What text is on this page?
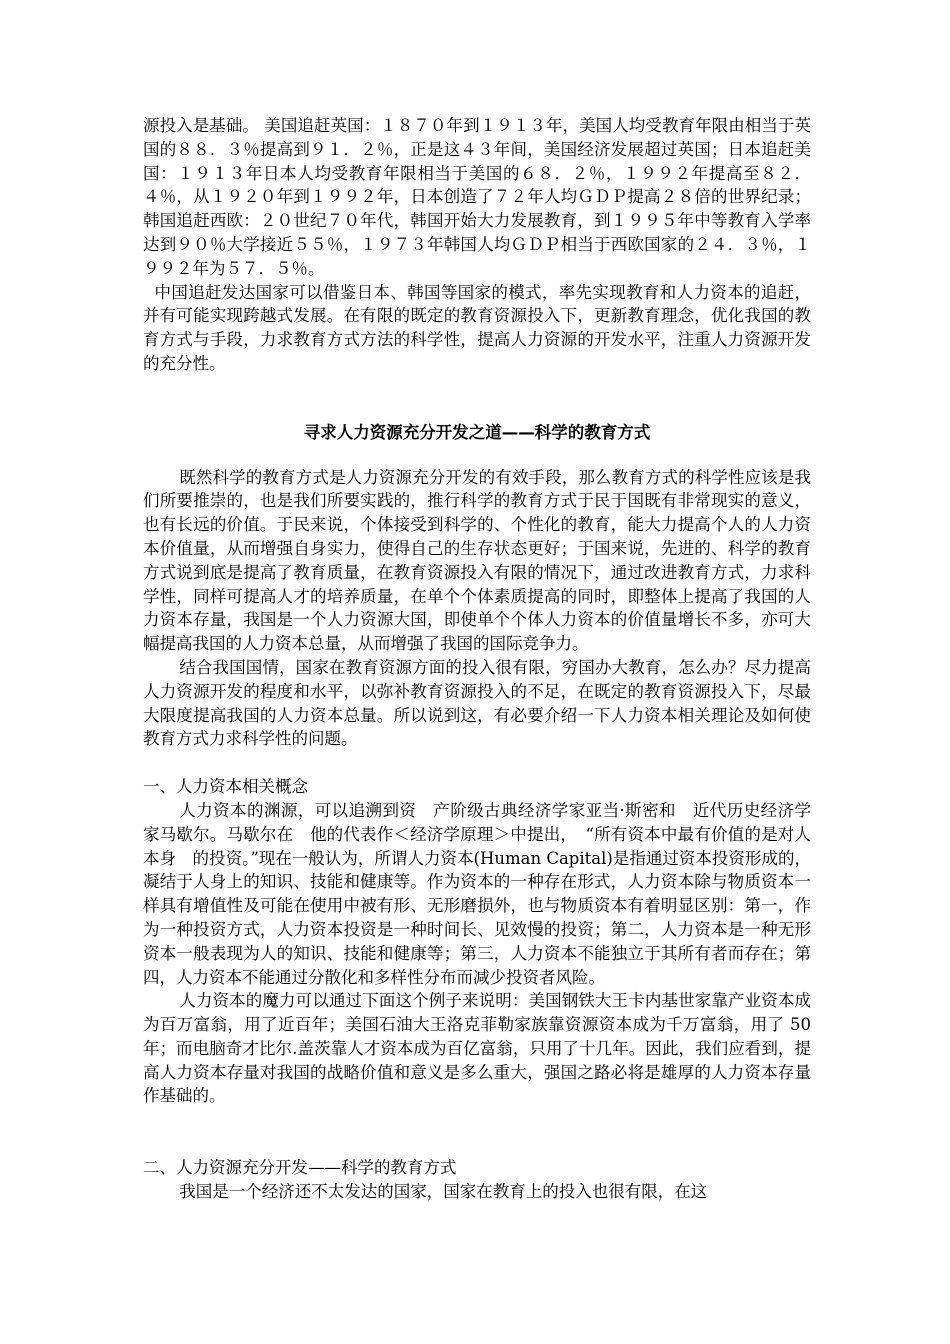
源投入是基础。 美国追赶英国：１８７０年到１９１３年，美国人均受教育年限由相当于英国的８８．３％提高到９１．２％，正是这４３年间，美国经济发展超过英国；日本追赶美国：１９１３年日本人均受教育年限相当于美国的６８．２％，１９９２年提高至８２．４％，从１９２０年到１９９２年，日本创造了７２年人均ＧＤＰ提高２８倍的世界纪录；韩国追赶西欧：２０世纪７０年代，韩国开始大力发展教育，到１９９５年中等教育入学率达到９０％大学接近５５％，１９７３年韩国人均ＧＤＰ相当于西欧国家的２４．３％，１９９２年为５７．５％。

中国追赶发达国家可以借鉴日本、韩国等国家的模式，率先实现教育和人力资本的追赶，并有可能实现跨越式发展。在有限的既定的教育资源投入下，更新教育理念，优化我国的教育方式与手段，力求教育方式方法的科学性，提高人力资源的开发水平，注重人力资源开发的充分性。

寻求人力资源充分开发之道——科学的教育方式

既然科学的教育方式是人力资源充分开发的有效手段，那么教育方式的科学性应该是我们所要推崇的，也是我们所要实践的，推行科学的教育方式于民于国既有非常现实的意义，也有长远的价值。于民来说，个体接受到科学的、个性化的教育，能大力提高个人的人力资本价值量，从而增强自身实力，使得自己的生存状态更好；于国来说，先进的、科学的教育方式说到底是提高了教育质量，在教育资源投入有限的情况下，通过改进教育方式，力求科学性，同样可提高人才的培养质量，在单个个体素质提高的同时，即整体上提高了我国的人力资本存量，我国是一个人力资源大国，即使单个个体人力资本的价值量增长不多，亦可大幅提高我国的人力资本总量，从而增强了我国的国际竞争力。

结合我国国情，国家在教育资源方面的投入很有限，穷国办大教育，怎么办？尽力提高人力资源开发的程度和水平，以弥补教育资源投入的不足，在既定的教育资源投入下，尽最大限度提高我国的人力资本总量。所以说到这，有必要介绍一下人力资本相关理论及如何使教育方式力求科学性的问题。

一、人力资本相关概念

人力资本的渊源，可以追溯到资　产阶级古典经济学家亚当·斯密和　近代历史经济学家马歇尔。马歇尔在　他的代表作＜经济学原理＞中提出，　“所有资本中最有价值的是对人本身　的投资。”现在一般认为，所谓人力资本(Human Capital)是指通过资本投资形成的，凝结于人身上的知识、技能和健康等。作为资本的一种存在形式，人力资本除与物质资本一样具有增值性及可能在使用中被有形、无形磨损外，也与物质资本有着明显区别：第一，作为一种投资方式，人力资本投资是一种时间长、见效慢的投资；第二，人力资本是一种无形资本一般表现为人的知识、技能和健康等；第三，人力资本不能独立于其所有者而存在；第四，人力资本不能通过分散化和多样性分布而减少投资者风险。

人力资本的魔力可以通过下面这个例子来说明：美国钢铁大王卡内基世家靠产业资本成为百万富翁，用了近百年；美国石油大王洛克菲勒家族靠资源资本成为千万富翁，用了 50 年；而电脑奇才比尔.盖茨靠人才资本成为百亿富翁，只用了十几年。因此，我们应看到，提高人力资本存量对我国的战略价值和意义是多么重大，强国之路必将是雄厚的人力资本存量作基础的。

二、人力资源充分开发——科学的教育方式

我国是一个经济还不太发达的国家，国家在教育上的投入也很有限，在这
